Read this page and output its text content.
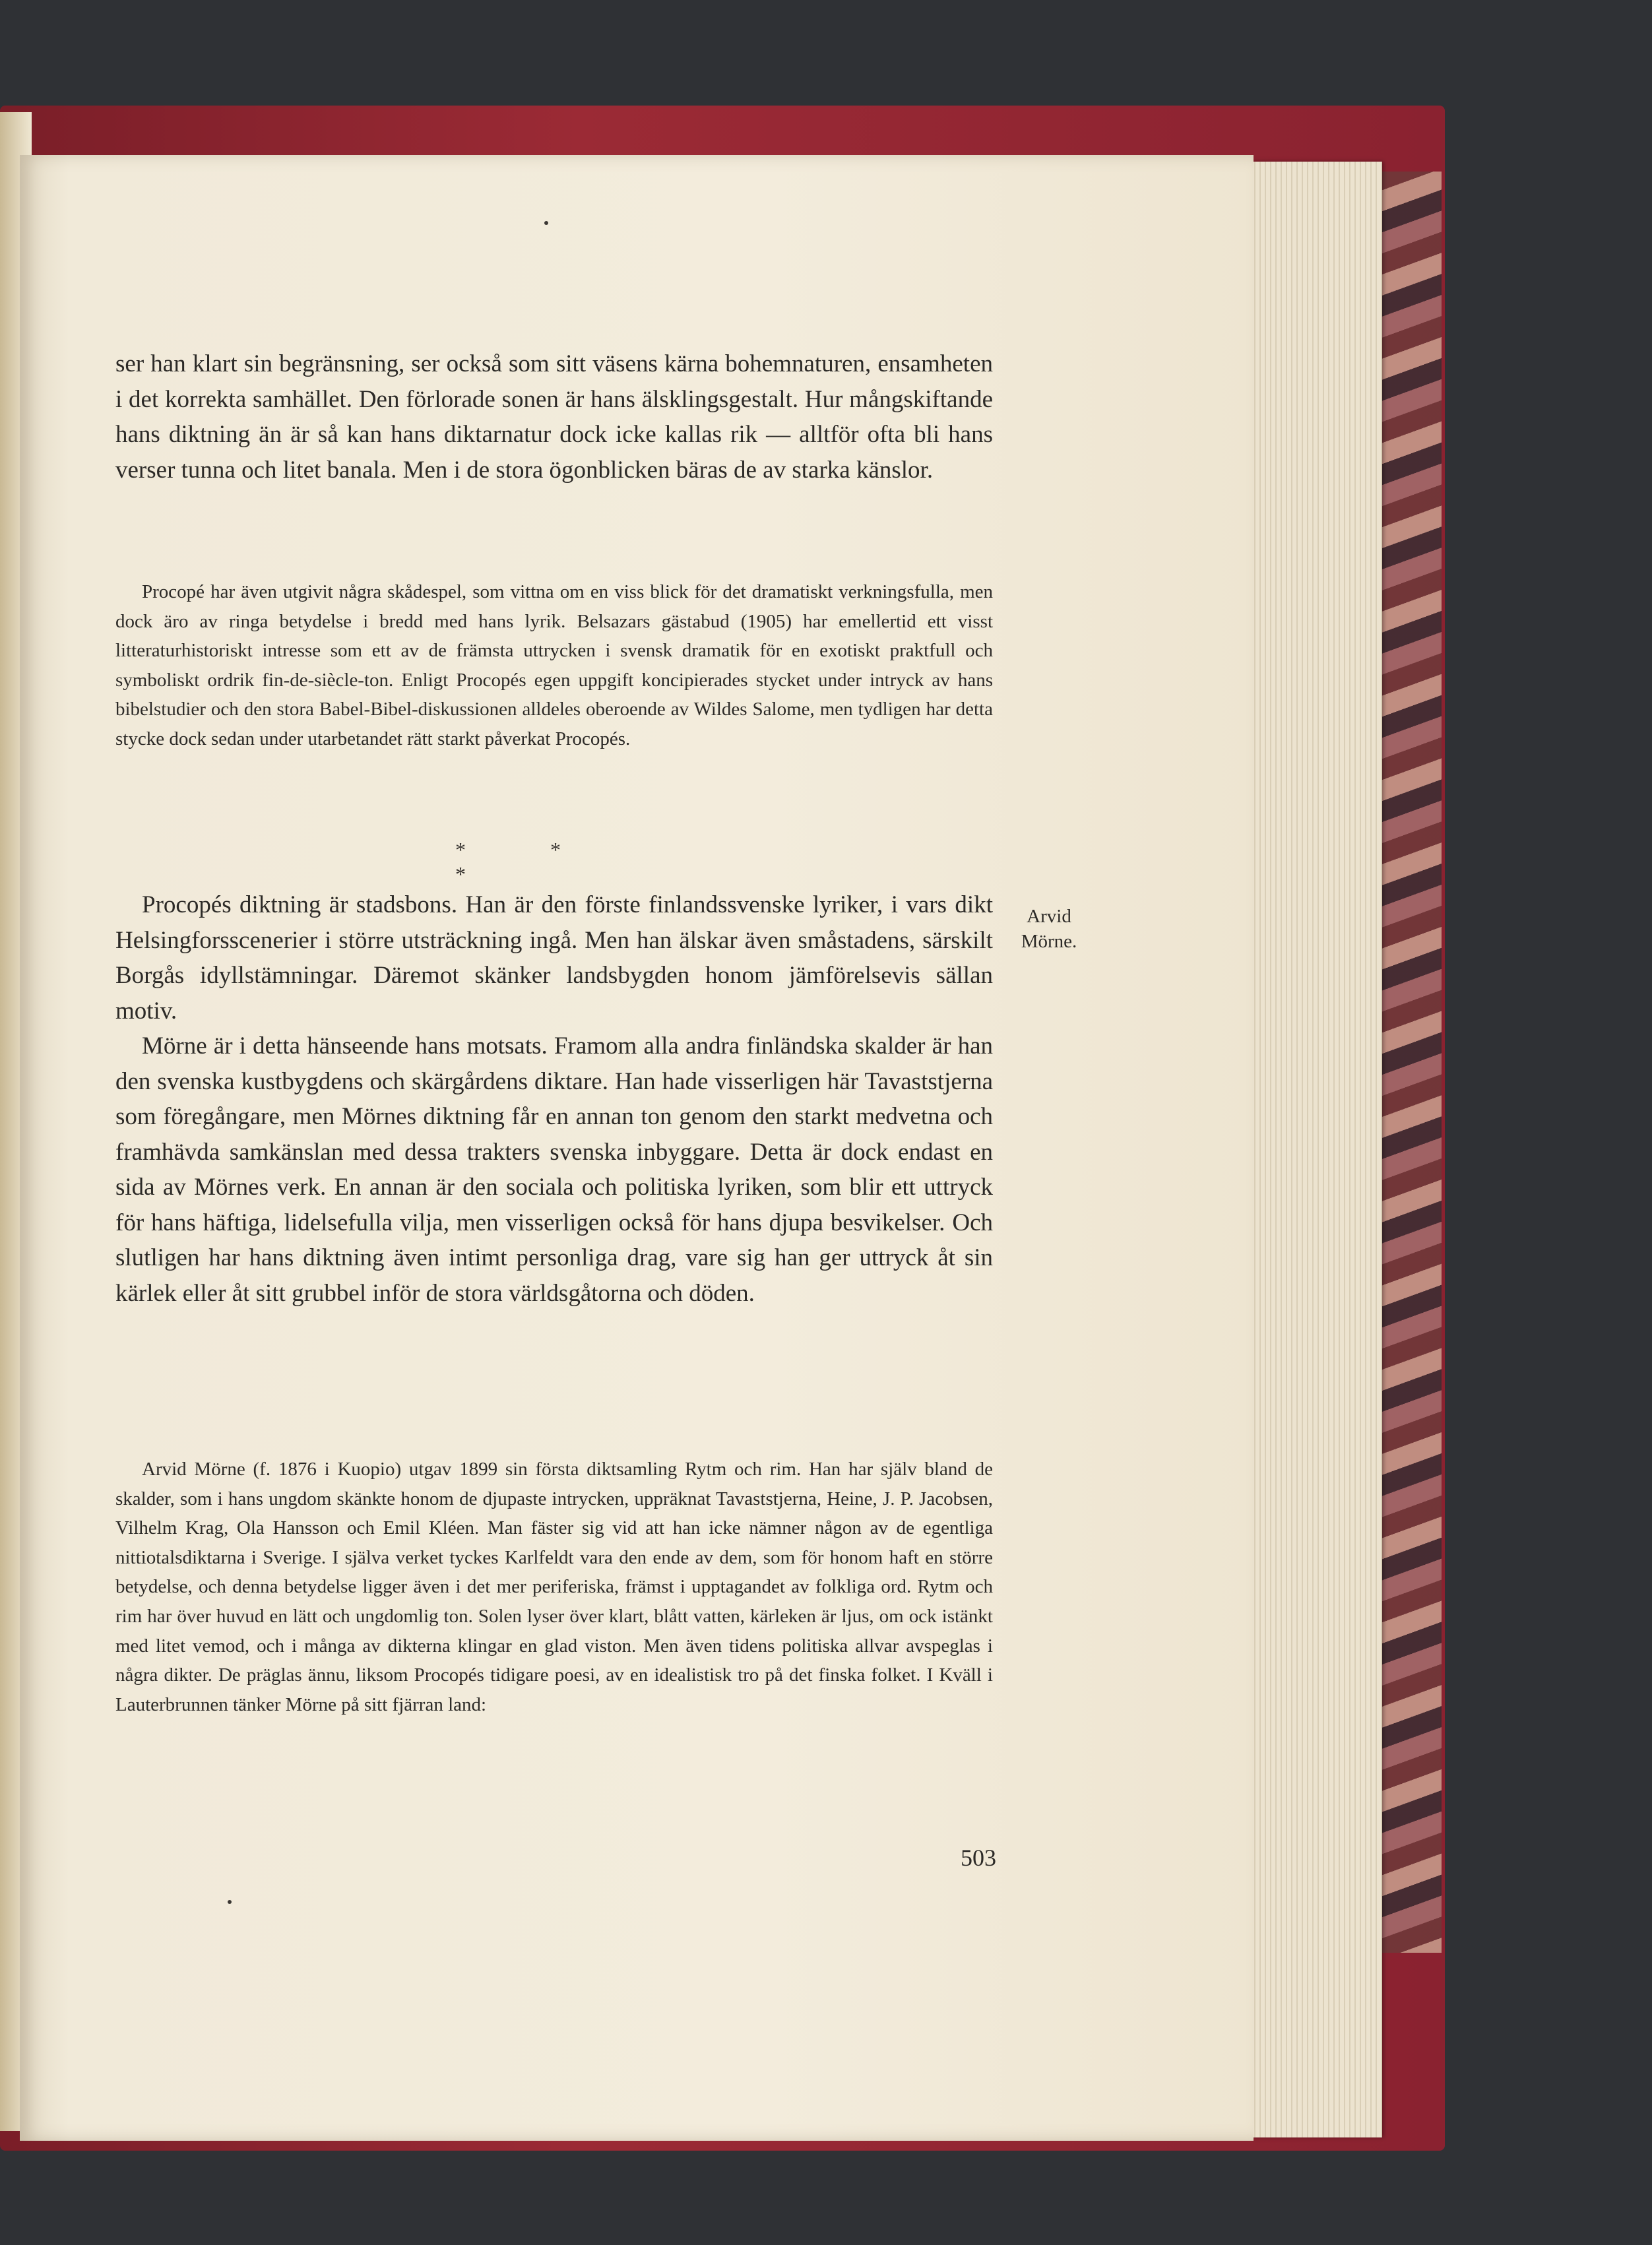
ser han klart sin begränsning, ser också som sitt väsens kärna bohemnaturen, ensamheten i det korrekta samhället. Den förlorade sonen är hans älsklingsgestalt. Hur mångskiftande hans diktning än är så kan hans diktarnatur dock icke kallas rik — alltför ofta bli hans verser tunna och litet banala. Men i de stora ögonblicken bäras de av starka känslor.

Procopé har även utgivit några skådespel, som vittna om en viss blick för det dramatiskt verkningsfulla, men dock äro av ringa betydelse i bredd med hans lyrik. Belsazars gästabud (1905) har emellertid ett visst litteraturhistoriskt intresse som ett av de främsta uttrycken i svensk dramatik för en exotiskt praktfull och symboliskt ordrik fin-de-siècle-ton. Enligt Procopés egen uppgift koncipierades stycket under intryck av hans bibelstudier och den stora Babel-Bibel-diskussionen alldeles oberoende av Wildes Salome, men tydligen har detta stycke dock sedan under utarbetandet rätt starkt påverkat Procopés.

* * *

Procopés diktning är stadsbons. Han är den förste finlandssvenske lyriker, i vars dikt Helsingforsscenerier i större utsträckning ingå. Men han älskar även småstadens, särskilt Borgås idyllstämningar. Däremot skänker landsbygden honom jämförelsevis sällan motiv.

Mörne är i detta hänseende hans motsats. Framom alla andra finländska skalder är han den svenska kustbygdens och skärgårdens diktare. Han hade visserligen här Tavaststjerna som föregångare, men Mörnes diktning får en annan ton genom den starkt medvetna och framhävda samkänslan med dessa trakters svenska inbyggare. Detta är dock endast en sida av Mörnes verk. En annan är den sociala och politiska lyriken, som blir ett uttryck för hans häftiga, lidelsefulla vilja, men visserligen också för hans djupa besvikelser. Och slutligen har hans diktning även intimt personliga drag, vare sig han ger uttryck åt sin kärlek eller åt sitt grubbel inför de stora världsgåtorna och döden.

Arvid Mörne (f. 1876 i Kuopio) utgav 1899 sin första diktsamling Rytm och rim. Han har själv bland de skalder, som i hans ungdom skänkte honom de djupaste intrycken, uppräknat Tavaststjerna, Heine, J. P. Jacobsen, Vilhelm Krag, Ola Hansson och Emil Kléen. Man fäster sig vid att han icke nämner någon av de egentliga nittiotalsdiktarna i Sverige. I själva verket tyckes Karlfeldt vara den ende av dem, som för honom haft en större betydelse, och denna betydelse ligger även i det mer periferiska, främst i upptagandet av folkliga ord. Rytm och rim har över huvud en lätt och ungdomlig ton. Solen lyser över klart, blått vatten, kärleken är ljus, om ock istänkt med litet vemod, och i många av dikterna klingar en glad viston. Men även tidens politiska allvar avspeglas i några dikter. De präglas ännu, liksom Procopés tidigare poesi, av en idealistisk tro på det finska folket. I Kväll i Lauterbrunnen tänker Mörne på sitt fjärran land:

Arvid
Mörne.
503
